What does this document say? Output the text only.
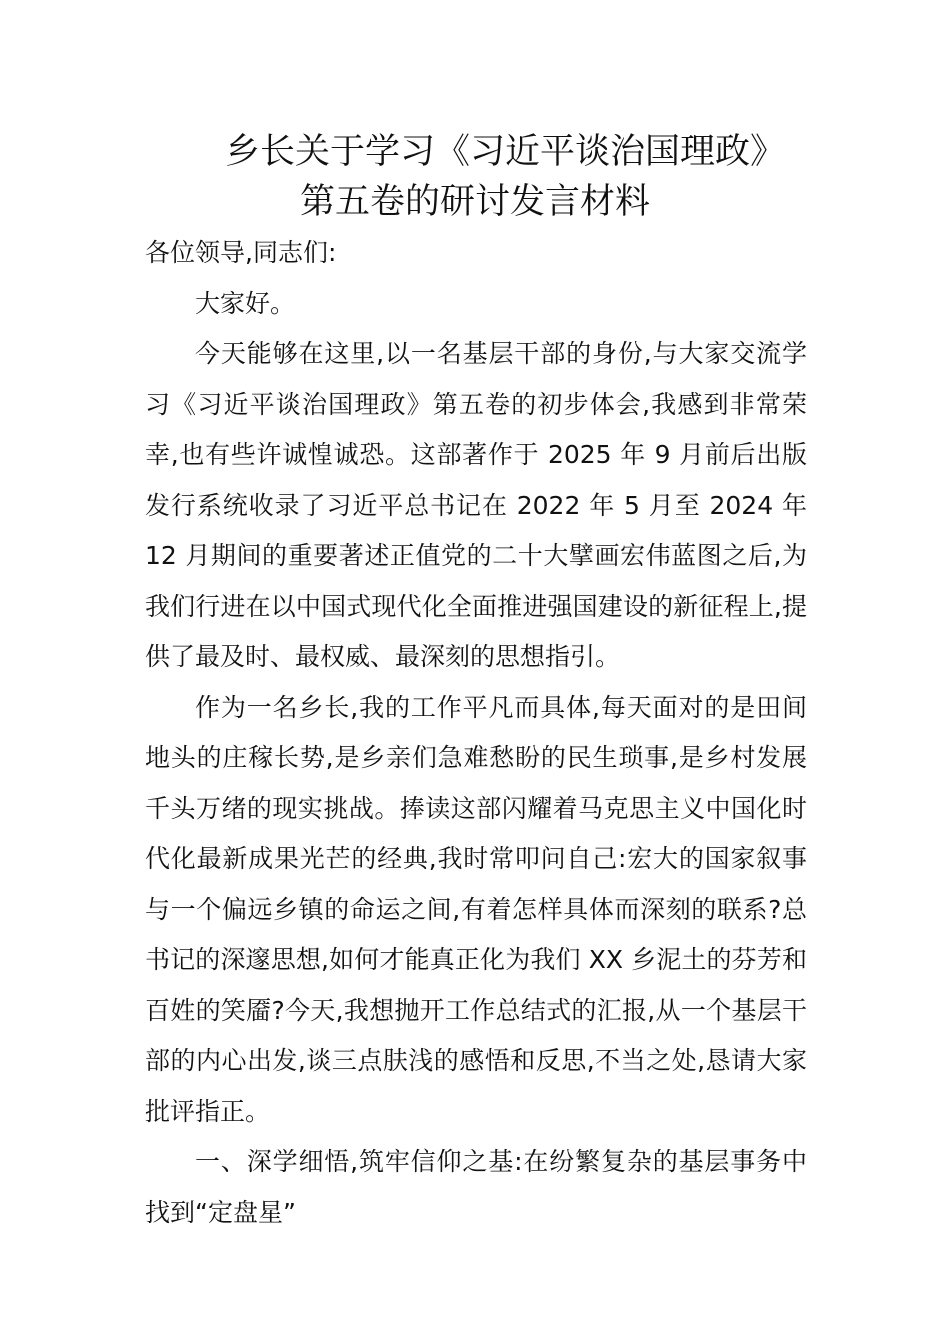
乡长关于学习《习近平谈治国理政》
第五卷的研讨发言材料

各位领导,同志们:

大家好。

今天能够在这里,以一名基层干部的身份,与大家交流学习《习近平谈治国理政》第五卷的初步体会,我感到非常荣幸,也有些许诚惶诚恐。这部著作于 2025 年 9 月前后出版发行系统收录了习近平总书记在 2022 年 5 月至 2024 年 12 月期间的重要著述正值党的二十大擘画宏伟蓝图之后,为我们行进在以中国式现代化全面推进强国建设的新征程上,提供了最及时、最权威、最深刻的思想指引。

作为一名乡长,我的工作平凡而具体,每天面对的是田间地头的庄稼长势,是乡亲们急难愁盼的民生琐事,是乡村发展千头万绪的现实挑战。捧读这部闪耀着马克思主义中国化时代化最新成果光芒的经典,我时常叩问自己:宏大的国家叙事与一个偏远乡镇的命运之间,有着怎样具体而深刻的联系?总书记的深邃思想,如何才能真正化为我们 XX 乡泥土的芬芳和百姓的笑靥?今天,我想抛开工作总结式的汇报,从一个基层干部的内心出发,谈三点肤浅的感悟和反思,不当之处,恳请大家批评指正。

一、深学细悟,筑牢信仰之基:在纷繁复杂的基层事务中找到“定盘星”
